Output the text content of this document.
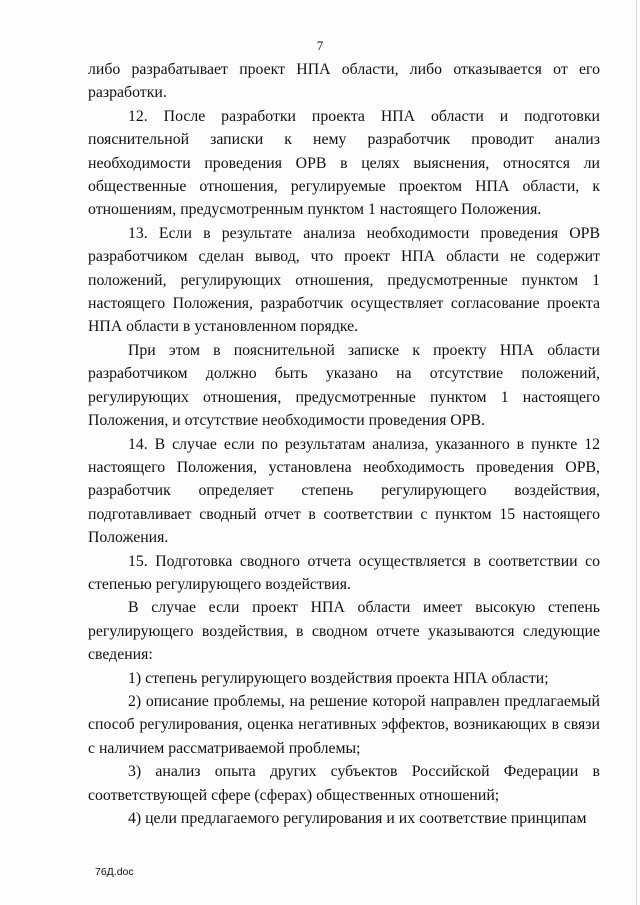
7

либо разрабатывает проект НПА области, либо отказывается от его разработки.

12. После разработки проекта НПА области и подготовки пояснительной записки к нему разработчик проводит анализ необходимости проведения ОРВ в целях выяснения, относятся ли общественные отношения, регулируемые проектом НПА области, к отношениям, предусмотренным пунктом 1 настоящего Положения.

13. Если в результате анализа необходимости проведения ОРВ разработчиком сделан вывод, что проект НПА области не содержит положений, регулирующих отношения, предусмотренные пунктом 1 настоящего Положения, разработчик осуществляет согласование проекта НПА области в установленном порядке.

При этом в пояснительной записке к проекту НПА области разработчиком должно быть указано на отсутствие положений, регулирующих отношения, предусмотренные пунктом 1 настоящего Положения, и отсутствие необходимости проведения ОРВ.

14. В случае если по результатам анализа, указанного в пункте 12 настоящего Положения, установлена необходимость проведения ОРВ, разработчик определяет степень регулирующего воздействия, подготавливает сводный отчет в соответствии с пунктом 15 настоящего Положения.

15. Подготовка сводного отчета осуществляется в соответствии со степенью регулирующего воздействия.

В случае если проект НПА области имеет высокую степень регулирующего воздействия, в сводном отчете указываются следующие сведения:

1) степень регулирующего воздействия проекта НПА области;

2) описание проблемы, на решение которой направлен предлагаемый способ регулирования, оценка негативных эффектов, возникающих в связи с наличием рассматриваемой проблемы;

3) анализ опыта других субъектов Российской Федерации в соответствующей сфере (сферах) общественных отношений;

4) цели предлагаемого регулирования и их соответствие принципам

76Д.doc
